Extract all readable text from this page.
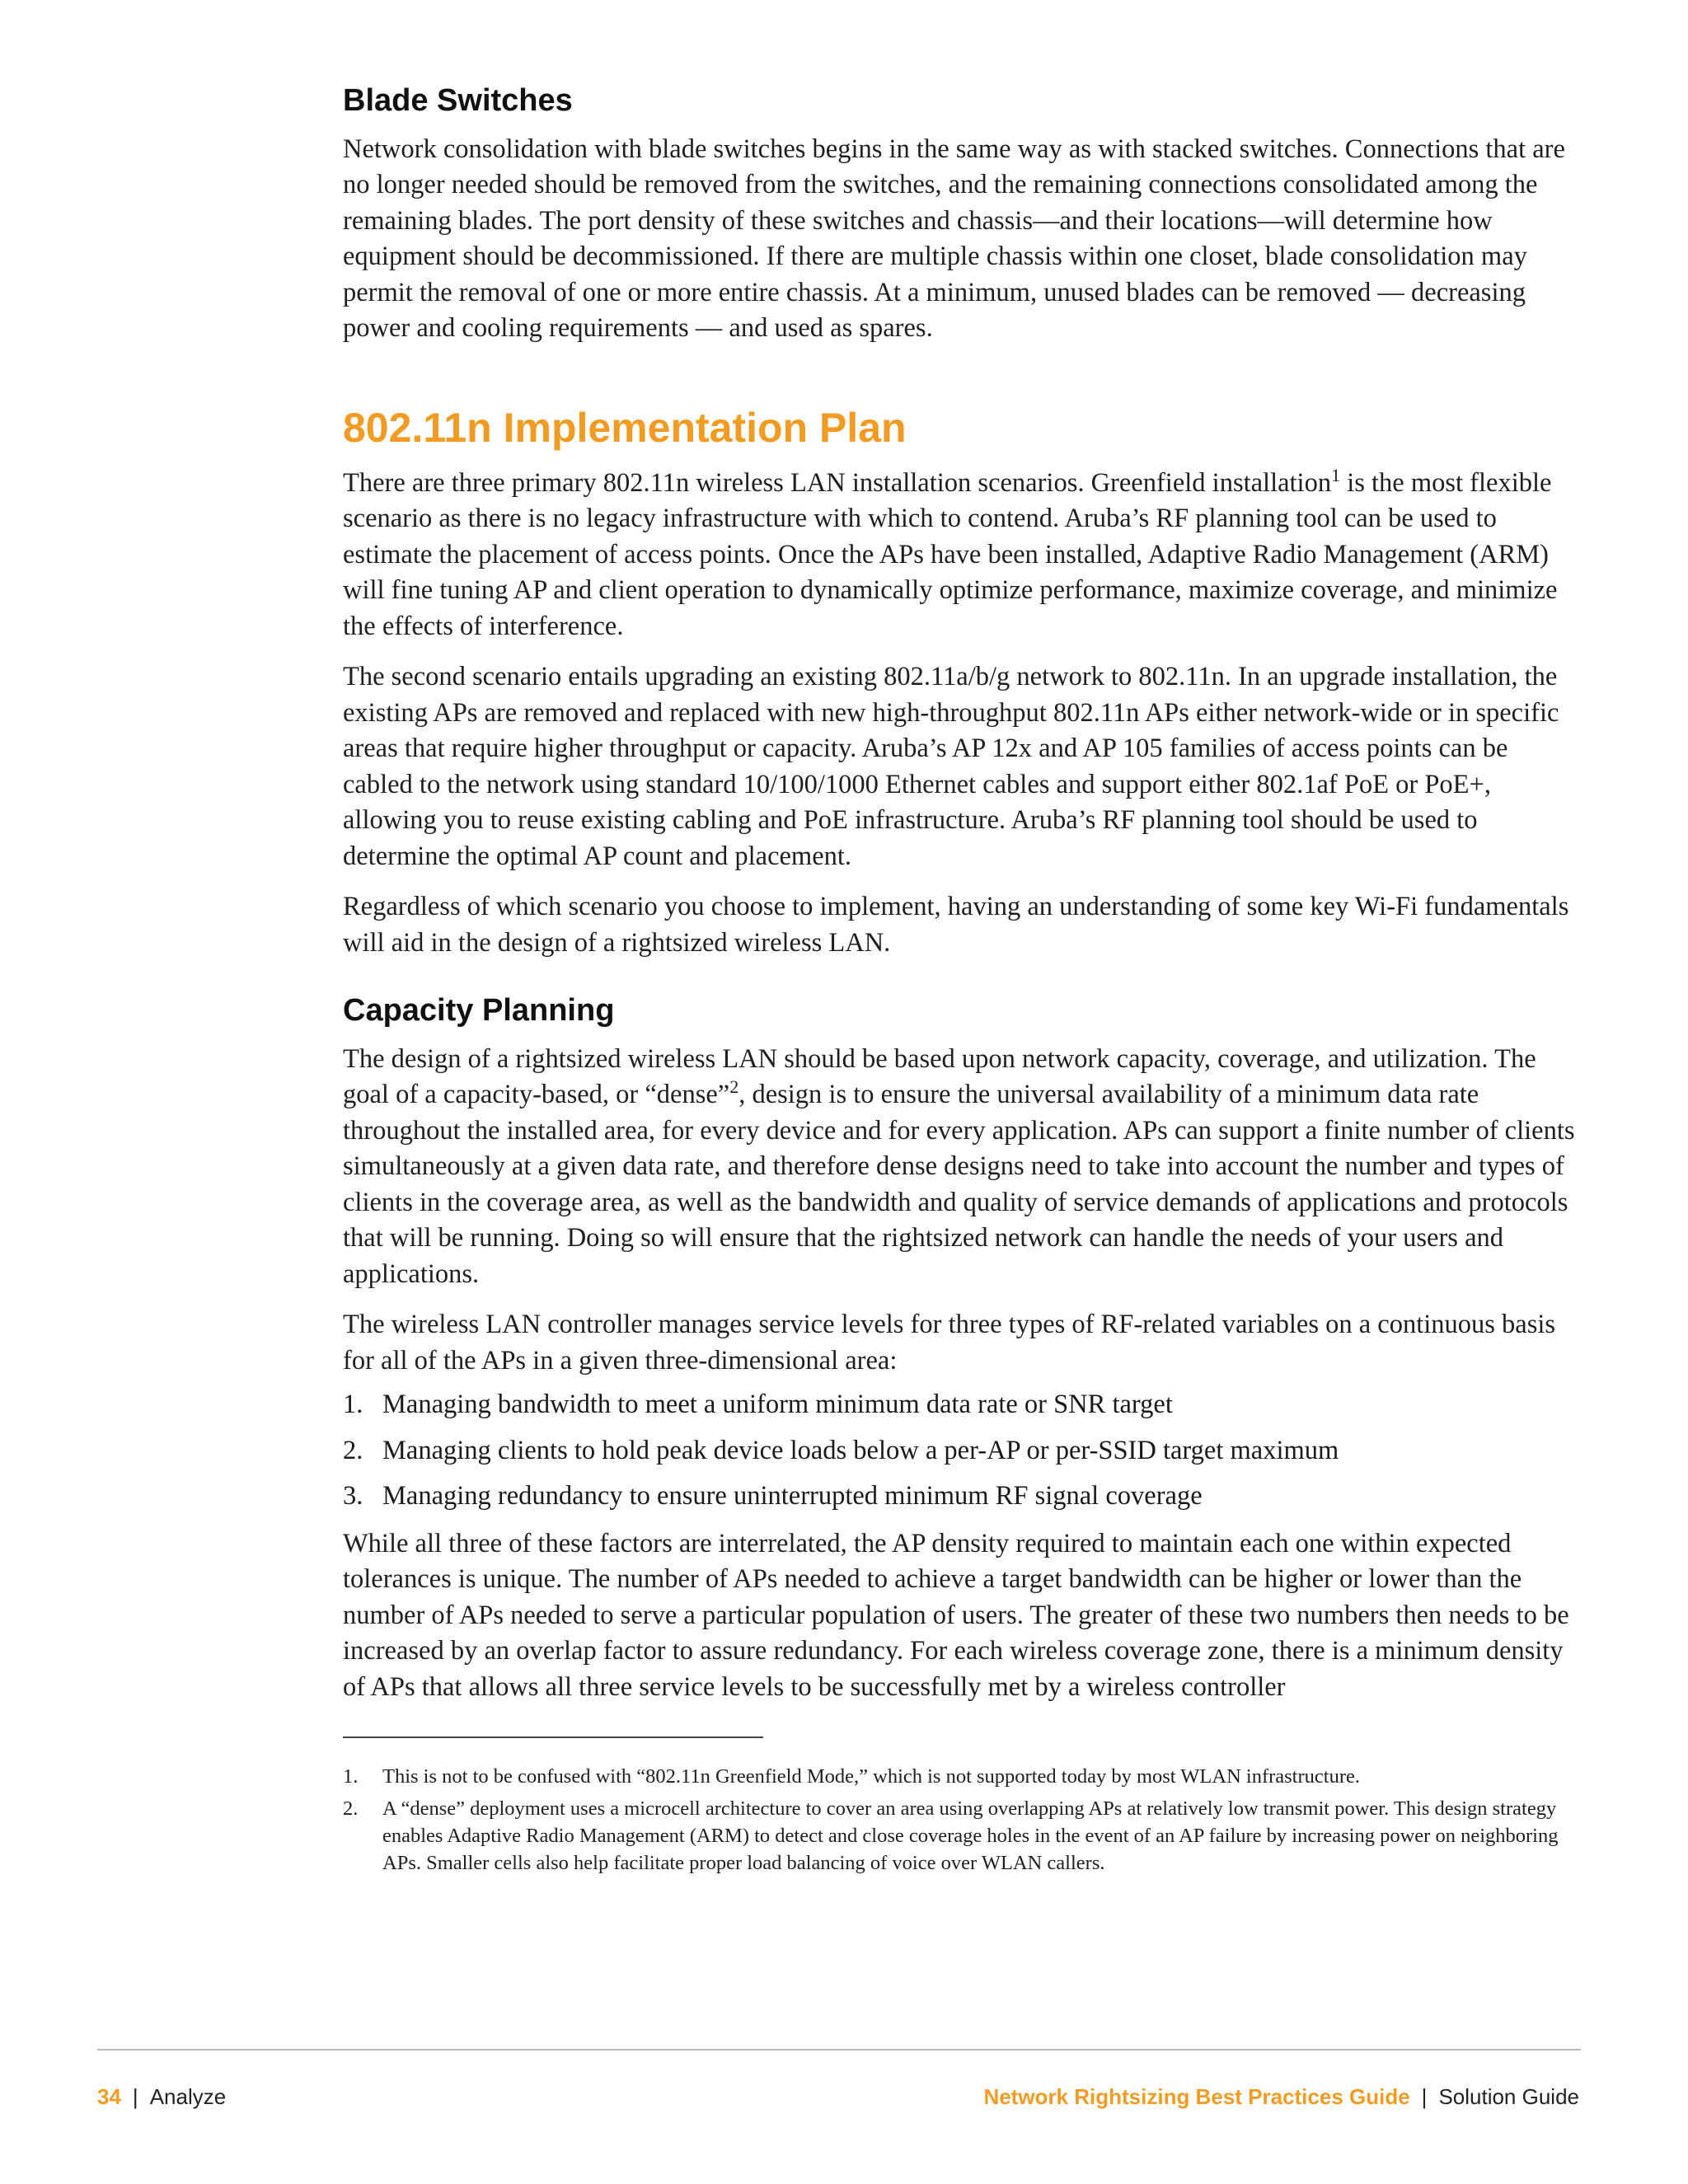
Blade Switches

Network consolidation with blade switches begins in the same way as with stacked switches. Connections that are no longer needed should be removed from the switches, and the remaining connections consolidated among the remaining blades. The port density of these switches and chassis—and their locations—will determine how equipment should be decommissioned. If there are multiple chassis within one closet, blade consolidation may permit the removal of one or more entire chassis. At a minimum, unused blades can be removed — decreasing power and cooling requirements — and used as spares.

802.11n Implementation Plan

There are three primary 802.11n wireless LAN installation scenarios. Greenfield installation$^1$ is the most flexible scenario as there is no legacy infrastructure with which to contend. Aruba’s RF planning tool can be used to estimate the placement of access points. Once the APs have been installed, Adaptive Radio Management (ARM) will fine tuning AP and client operation to dynamically optimize performance, maximize coverage, and minimize the effects of interference.

The second scenario entails upgrading an existing 802.11a/b/g network to 802.11n. In an upgrade installation, the existing APs are removed and replaced with new high-throughput 802.11n APs either network-wide or in specific areas that require higher throughput or capacity. Aruba’s AP 12x and AP 105 families of access points can be cabled to the network using standard 10/100/1000 Ethernet cables and support either 802.1af PoE or PoE+, allowing you to reuse existing cabling and PoE infrastructure. Aruba’s RF planning tool should be used to determine the optimal AP count and placement.

Regardless of which scenario you choose to implement, having an understanding of some key Wi-Fi fundamentals will aid in the design of a rightsized wireless LAN.

Capacity Planning

The design of a rightsized wireless LAN should be based upon network capacity, coverage, and utilization. The goal of a capacity-based, or “dense”$^2$, design is to ensure the universal availability of a minimum data rate throughout the installed area, for every device and for every application. APs can support a finite number of clients simultaneously at a given data rate, and therefore dense designs need to take into account the number and types of clients in the coverage area, as well as the bandwidth and quality of service demands of applications and protocols that will be running. Doing so will ensure that the rightsized network can handle the needs of your users and applications.

The wireless LAN controller manages service levels for three types of RF-related variables on a continuous basis for all of the APs in a given three-dimensional area:

1. Managing bandwidth to meet a uniform minimum data rate or SNR target
2. Managing clients to hold peak device loads below a per-AP or per-SSID target maximum
3. Managing redundancy to ensure uninterrupted minimum RF signal coverage

While all three of these factors are interrelated, the AP density required to maintain each one within expected tolerances is unique. The number of APs needed to achieve a target bandwidth can be higher or lower than the number of APs needed to serve a particular population of users. The greater of these two numbers then needs to be increased by an overlap factor to assure redundancy. For each wireless coverage zone, there is a minimum density of APs that allows all three service levels to be successfully met by a wireless controller

1.	This is not to be confused with “802.11n Greenfield Mode,” which is not supported today by most WLAN infrastructure.
2.	A “dense” deployment uses a microcell architecture to cover an area using overlapping APs at relatively low transmit power. This design strategy enables Adaptive Radio Management (ARM) to detect and close coverage holes in the event of an AP failure by increasing power on neighboring APs. Smaller cells also help facilitate proper load balancing of voice over WLAN callers.
34 | Analyze	Network Rightsizing Best Practices Guide | Solution Guide
